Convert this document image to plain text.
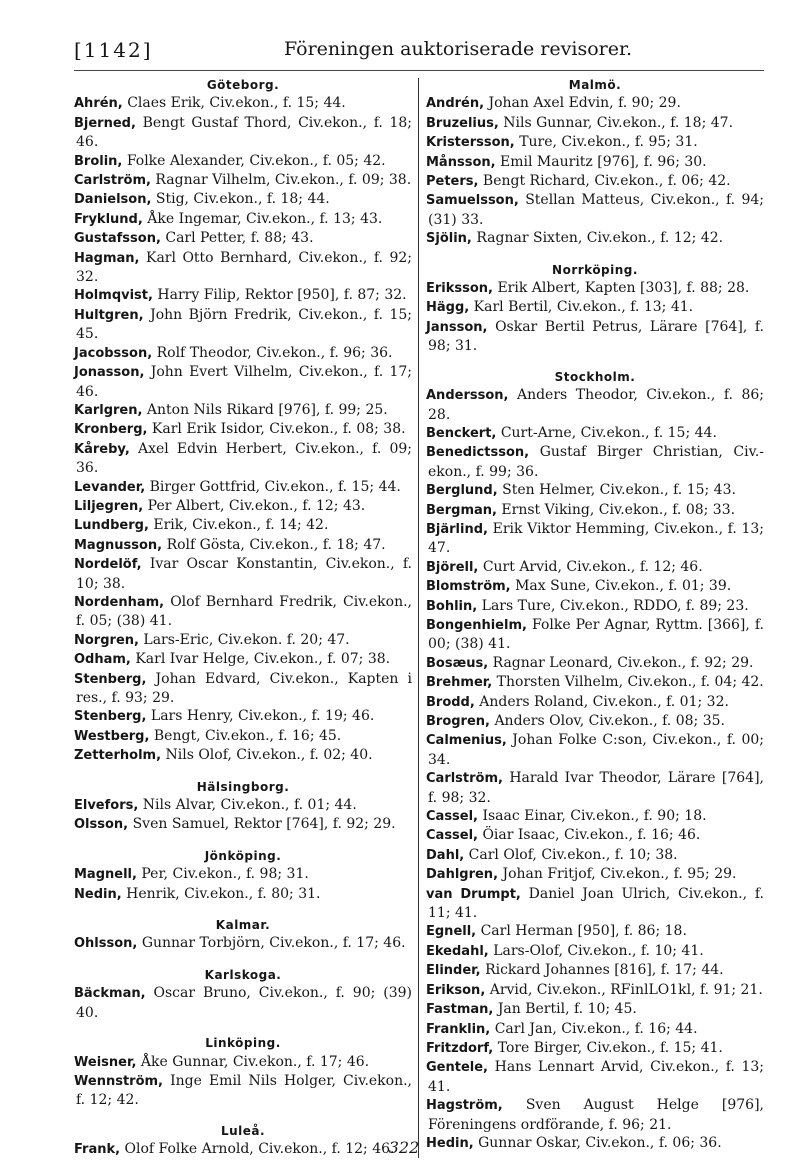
[1142]	Föreningen auktoriserade revisorer.
Göteborg.
Ahrén, Claes Erik, Civ.ekon., f. 15; 44.
Bjerned, Bengt Gustaf Thord, Civ.ekon., f. 18; 46.
Brolin, Folke Alexander, Civ.ekon., f. 05; 42.
Carlström, Ragnar Vilhelm, Civ.ekon., f. 09; 38.
Danielson, Stig, Civ.ekon., f. 18; 44.
Fryklund, Åke Ingemar, Civ.ekon., f. 13; 43.
Gustafsson, Carl Petter, f. 88; 43.
Hagman, Karl Otto Bernhard, Civ.ekon., f. 92; 32.
Holmqvist, Harry Filip, Rektor [950], f. 87; 32.
Hultgren, John Björn Fredrik, Civ.ekon., f. 15; 45.
Jacobsson, Rolf Theodor, Civ.ekon., f. 96; 36.
Jonasson, John Evert Vilhelm, Civ.ekon., f. 17; 46.
Karlgren, Anton Nils Rikard [976], f. 99; 25.
Kronberg, Karl Erik Isidor, Civ.ekon., f. 08; 38.
Kåreby, Axel Edvin Herbert, Civ.ekon., f. 09; 36.
Levander, Birger Gottfrid, Civ.ekon., f. 15; 44.
Liljegren, Per Albert, Civ.ekon., f. 12; 43.
Lundberg, Erik, Civ.ekon., f. 14; 42.
Magnusson, Rolf Gösta, Civ.ekon., f. 18; 47.
Nordelöf, Ivar Oscar Konstantin, Civ.ekon., f. 10; 38.
Nordenham, Olof Bernhard Fredrik, Civ.ekon., f. 05; (38) 41.
Norgren, Lars-Eric, Civ.ekon. f. 20; 47.
Odham, Karl Ivar Helge, Civ.ekon., f. 07; 38.
Stenberg, Johan Edvard, Civ.ekon., Kapten i res., f. 93; 29.
Stenberg, Lars Henry, Civ.ekon., f. 19; 46.
Westberg, Bengt, Civ.ekon., f. 16; 45.
Zetterholm, Nils Olof, Civ.ekon., f. 02; 40.
Hälsingborg.
Elvefors, Nils Alvar, Civ.ekon., f. 01; 44.
Olsson, Sven Samuel, Rektor [764], f. 92; 29.
Jönköping.
Magnell, Per, Civ.ekon., f. 98; 31.
Nedin, Henrik, Civ.ekon., f. 80; 31.
Kalmar.
Ohlsson, Gunnar Torbjörn, Civ.ekon., f. 17; 46.
Karlskoga.
Bäckman, Oscar Bruno, Civ.ekon., f. 90; (39) 40.
Linköping.
Weisner, Åke Gunnar, Civ.ekon., f. 17; 46.
Wennström, Inge Emil Nils Holger, Civ.ekon., f. 12; 42.
Luleå.
Frank, Olof Folke Arnold, Civ.ekon., f. 12; 46.
Malmö.
Andrén, Johan Axel Edvin, f. 90; 29.
Bruzelius, Nils Gunnar, Civ.ekon., f. 18; 47.
Kristersson, Ture, Civ.ekon., f. 95; 31.
Månsson, Emil Mauritz [976], f. 96; 30.
Peters, Bengt Richard, Civ.ekon., f. 06; 42.
Samuelsson, Stellan Matteus, Civ.ekon., f. 94; (31) 33.
Sjölin, Ragnar Sixten, Civ.ekon., f. 12; 42.
Norrköping.
Eriksson, Erik Albert, Kapten [303], f. 88; 28.
Hägg, Karl Bertil, Civ.ekon., f. 13; 41.
Jansson, Oskar Bertil Petrus, Lärare [764], f. 98; 31.
Stockholm.
Andersson, Anders Theodor, Civ.ekon., f. 86; 28.
Benckert, Curt-Arne, Civ.ekon., f. 15; 44.
Benedictsson, Gustaf Birger Christian, Civ.-ekon., f. 99; 36.
Berglund, Sten Helmer, Civ.ekon., f. 15; 43.
Bergman, Ernst Viking, Civ.ekon., f. 08; 33.
Bjärlind, Erik Viktor Hemming, Civ.ekon., f. 13; 47.
Björell, Curt Arvid, Civ.ekon., f. 12; 46.
Blomström, Max Sune, Civ.ekon., f. 01; 39.
Bohlin, Lars Ture, Civ.ekon., RDDO, f. 89; 23.
Bongenhielm, Folke Per Agnar, Ryttm. [366], f. 00; (38) 41.
Bosæus, Ragnar Leonard, Civ.ekon., f. 92; 29.
Brehmer, Thorsten Vilhelm, Civ.ekon., f. 04; 42.
Brodd, Anders Roland, Civ.ekon., f. 01; 32.
Brogren, Anders Olov, Civ.ekon., f. 08; 35.
Calmenius, Johan Folke C:son, Civ.ekon., f. 00; 34.
Carlström, Harald Ivar Theodor, Lärare [764], f. 98; 32.
Cassel, Isaac Einar, Civ.ekon., f. 90; 18.
Cassel, Öiar Isaac, Civ.ekon., f. 16; 46.
Dahl, Carl Olof, Civ.ekon., f. 10; 38.
Dahlgren, Johan Fritjof, Civ.ekon., f. 95; 29.
van Drumpt, Daniel Joan Ulrich, Civ.ekon., f. 11; 41.
Egnell, Carl Herman [950], f. 86; 18.
Ekedahl, Lars-Olof, Civ.ekon., f. 10; 41.
Elinder, Rickard Johannes [816], f. 17; 44.
Erikson, Arvid, Civ.ekon., RFinlLO1kl, f. 91; 21.
Fastman, Jan Bertil, f. 10; 45.
Franklin, Carl Jan, Civ.ekon., f. 16; 44.
Fritzdorf, Tore Birger, Civ.ekon., f. 15; 41.
Gentele, Hans Lennart Arvid, Civ.ekon., f. 13; 41.
Hagström, Sven August Helge [976], Föreningens ordförande, f. 96; 21.
Hedin, Gunnar Oskar, Civ.ekon., f. 06; 36.
322
